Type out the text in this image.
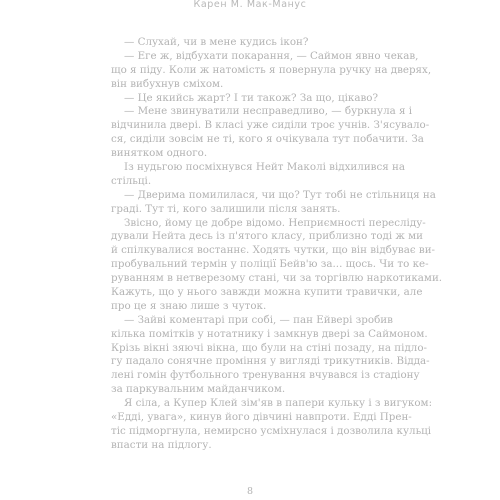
Карен М. Мак-Манус
— Слухай, чи в мене кудись ікон?
— Еге ж, відбухати покарання, — Саймон явно чекав,
що я піду. Коли ж натомість я повернула ручку на дверях,
він вибухнув сміхом.
— Це якийсь жарт? І ти також? За що, цікаво?
— Мене звинуватили несправедливо, — буркнула я і
відчинила двері. В класі уже сиділи троє учнів. З'ясувало-
ся, сиділи зовсім не ті, кого я очікувала тут побачити. За
винятком одного.
Із нудьгою посміхнувся Нейт Маколі відхилився на
стільці.
— Дверима помилилася, чи що? Тут тобі не стільниця на
граді. Тут ті, кого залишили після занять.
Звісно, йому це добре відомо. Неприємності пересліду-
дували Нейта десь із п'ятого класу, приблизно тоді ж ми
й спілкувалися востаннє. Ходять чутки, що він відбуває ви-
пробувальний термін у поліції Бейв'ю за... щось. Чи то ке-
руванням в нетверезому стані, чи за торгівлю наркотиками.
Кажуть, що у нього завжди можна купити травички, але
про це я знаю лише з чуток.
— Зайві коментарі при собі, — пан Ейвері зробив
кілька помітків у нотатнику і замкнув двері за Саймоном.
Крізь вікні зяючі вікна, що були на стіні позаду, на підло-
гу падало сонячне проміння у вигляді трикутників. Відда-
лені гомін футбольного тренування вчувався із стадіону
за паркувальним майданчиком.
Я сіла, а Купер Клей зім'яв в папери кульку і з вигуком:
«Едді, увага», кинув його дівчині навпроти. Едді Прен-
тіс підморгнула, немирсно усміхнулася і дозволила кульці
впасти на підлогу.
8
